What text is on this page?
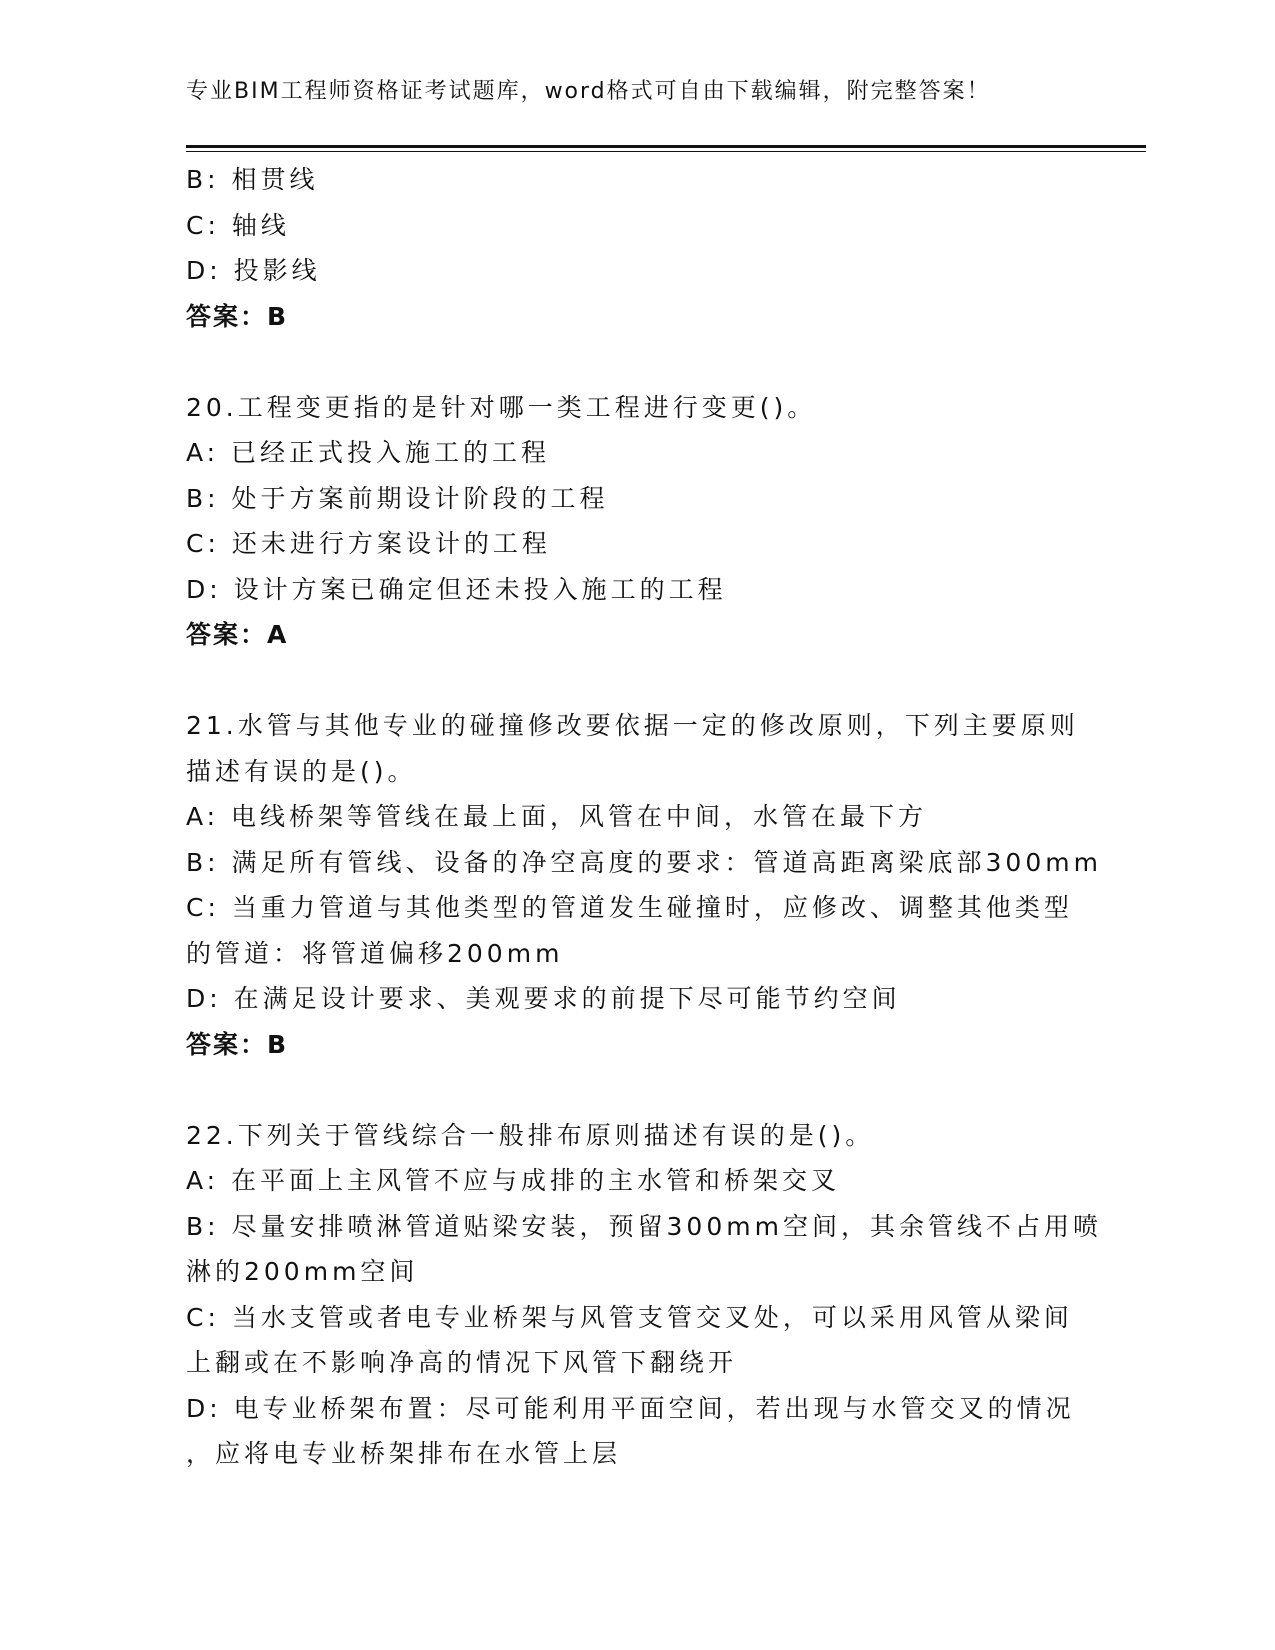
专业BIM工程师资格证考试题库，word格式可自由下载编辑，附完整答案！
B: 相贯线
C: 轴线
D: 投影线
答案：B
20.工程变更指的是针对哪一类工程进行变更()。
A: 已经正式投入施工的工程
B: 处于方案前期设计阶段的工程
C: 还未进行方案设计的工程
D: 设计方案已确定但还未投入施工的工程
答案：A
21.水管与其他专业的碰撞修改要依据一定的修改原则，下列主要原则
描述有误的是()。
A: 电线桥架等管线在最上面，风管在中间，水管在最下方
B: 满足所有管线、设备的净空高度的要求：管道高距离梁底部300mm
C: 当重力管道与其他类型的管道发生碰撞时，应修改、调整其他类型
的管道：将管道偏移200mm
D: 在满足设计要求、美观要求的前提下尽可能节约空间
答案：B
22.下列关于管线综合一般排布原则描述有误的是()。
A: 在平面上主风管不应与成排的主水管和桥架交叉
B: 尽量安排喷淋管道贴梁安装，预留300mm空间，其余管线不占用喷
淋的200mm空间
C: 当水支管或者电专业桥架与风管支管交叉处，可以采用风管从梁间
上翻或在不影响净高的情况下风管下翻绕开
D: 电专业桥架布置：尽可能利用平面空间，若出现与水管交叉的情况
，应将电专业桥架排布在水管上层
